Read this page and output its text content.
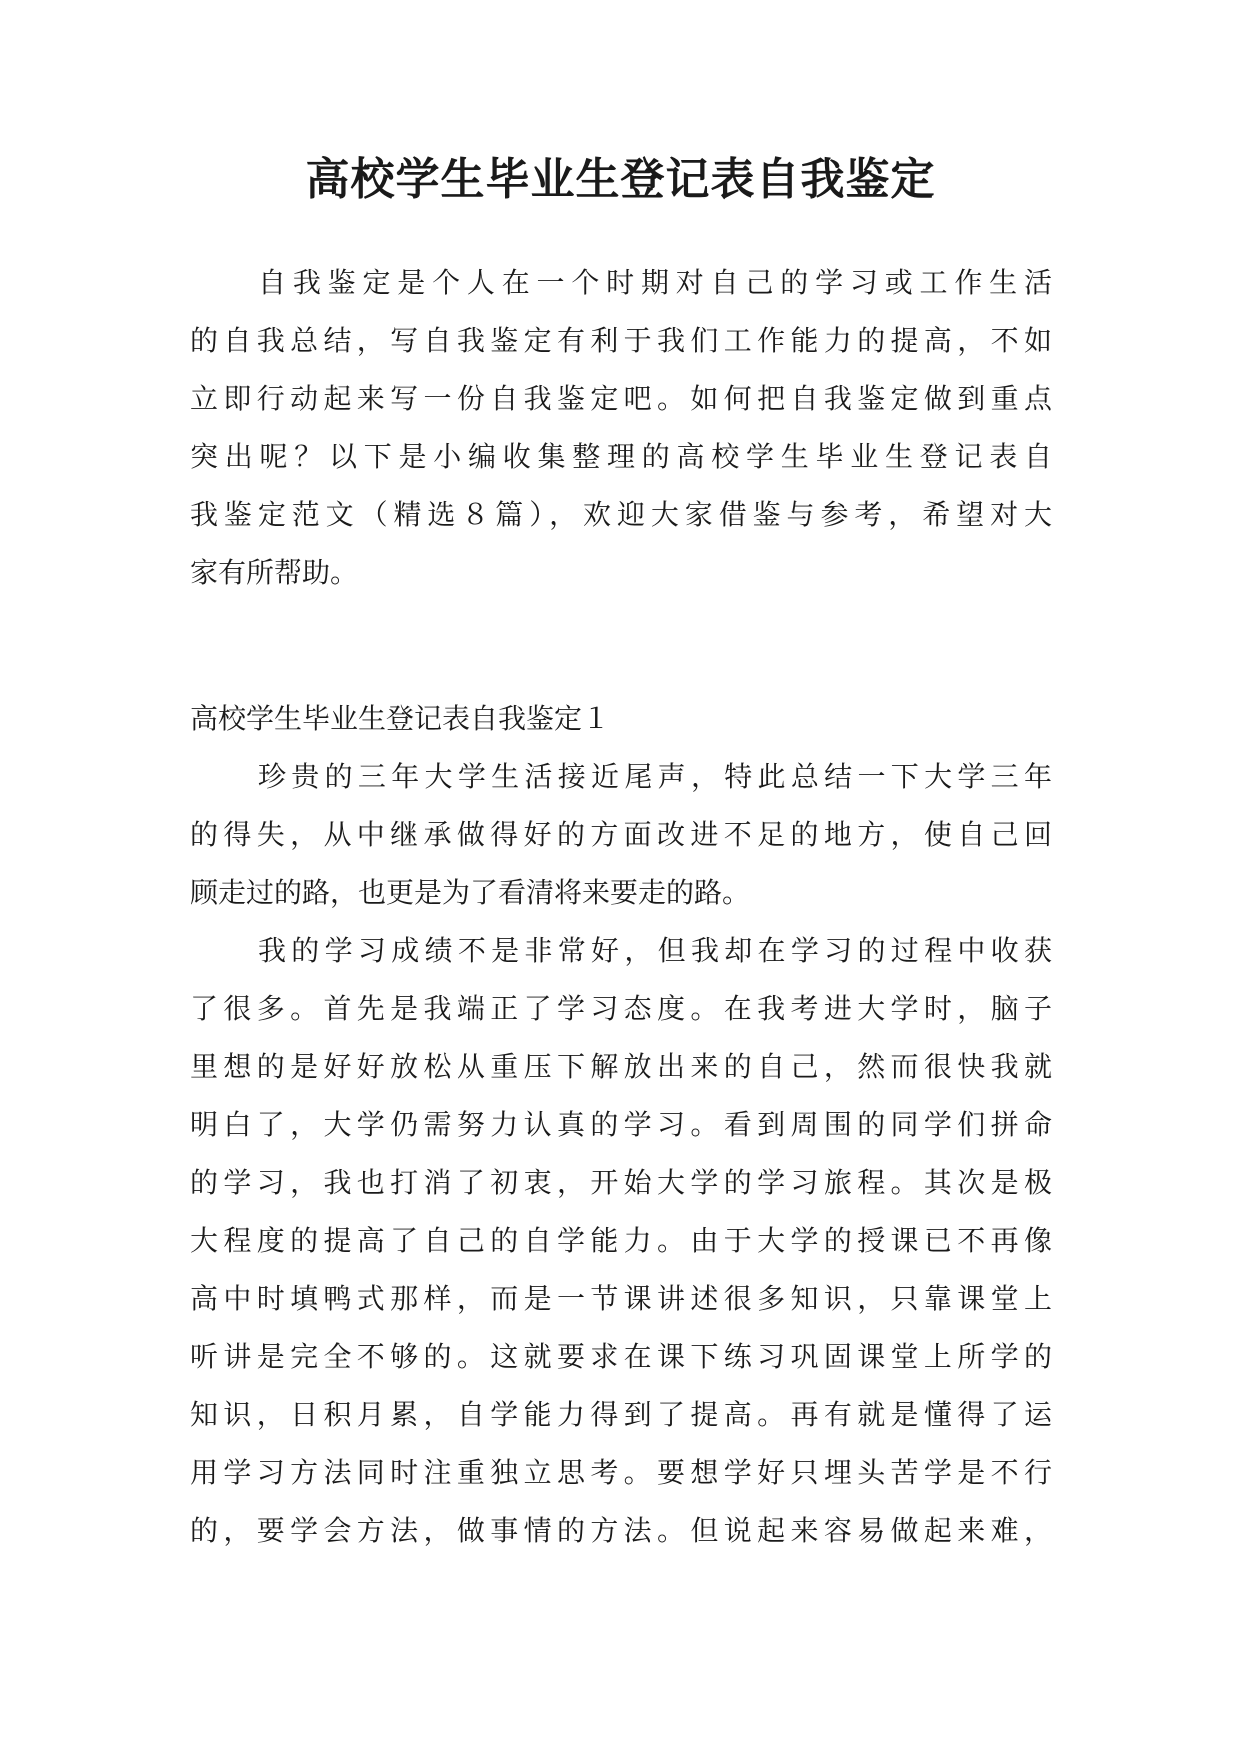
高校学生毕业生登记表自我鉴定

自我鉴定是个人在一个时期对自己的学习或工作生活

的自我总结，写自我鉴定有利于我们工作能力的提高，不如

立即行动起来写一份自我鉴定吧。如何把自我鉴定做到重点

突出呢？以下是小编收集整理的高校学生毕业生登记表自

我鉴定范文（精选８篇），欢迎大家借鉴与参考，希望对大

家有所帮助。

高校学生毕业生登记表自我鉴定１

珍贵的三年大学生活接近尾声，特此总结一下大学三年

的得失，从中继承做得好的方面改进不足的地方，使自己回

顾走过的路，也更是为了看清将来要走的路。

我的学习成绩不是非常好，但我却在学习的过程中收获

了很多。首先是我端正了学习态度。在我考进大学时，脑子

里想的是好好放松从重压下解放出来的自己，然而很快我就

明白了，大学仍需努力认真的学习。看到周围的同学们拼命

的学习，我也打消了初衷，开始大学的学习旅程。其次是极

大程度的提高了自己的自学能力。由于大学的授课已不再像

高中时填鸭式那样，而是一节课讲述很多知识，只靠课堂上

听讲是完全不够的。这就要求在课下练习巩固课堂上所学的

知识，日积月累，自学能力得到了提高。再有就是懂得了运

用学习方法同时注重独立思考。要想学好只埋头苦学是不行

的，要学会方法，做事情的方法。但说起来容易做起来难，
